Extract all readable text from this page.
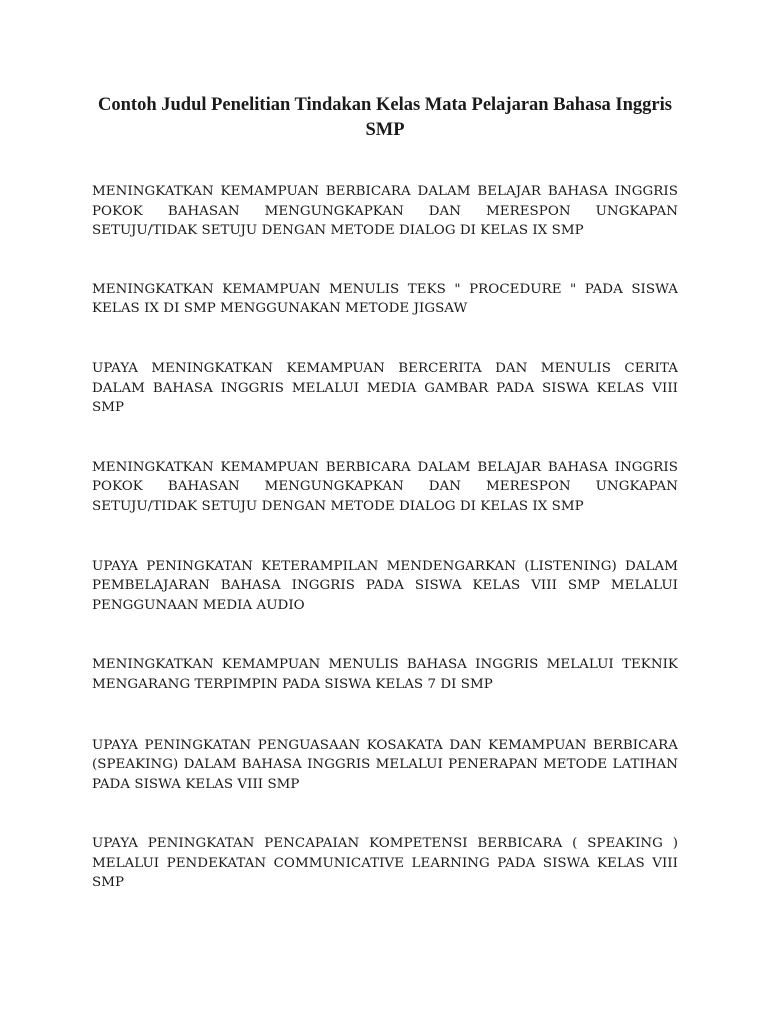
Contoh Judul Penelitian Tindakan Kelas Mata Pelajaran Bahasa Inggris SMP
MENINGKATKAN KEMAMPUAN BERBICARA DALAM BELAJAR BAHASA INGGRIS POKOK BAHASAN MENGUNGKAPKAN DAN MERESPON UNGKAPAN SETUJU/TIDAK SETUJU DENGAN METODE DIALOG DI KELAS IX SMP
MENINGKATKAN KEMAMPUAN MENULIS TEKS " PROCEDURE " PADA SISWA KELAS IX DI SMP MENGGUNAKAN METODE JIGSAW
UPAYA MENINGKATKAN KEMAMPUAN BERCERITA DAN MENULIS CERITA DALAM BAHASA INGGRIS MELALUI MEDIA GAMBAR PADA SISWA KELAS VIII SMP
MENINGKATKAN KEMAMPUAN BERBICARA DALAM BELAJAR BAHASA INGGRIS POKOK BAHASAN MENGUNGKAPKAN DAN MERESPON UNGKAPAN SETUJU/TIDAK SETUJU DENGAN METODE DIALOG DI KELAS IX SMP
UPAYA PENINGKATAN KETERAMPILAN MENDENGARKAN (LISTENING) DALAM PEMBELAJARAN BAHASA INGGRIS PADA SISWA KELAS VIII SMP MELALUI PENGGUNAAN MEDIA AUDIO
MENINGKATKAN KEMAMPUAN MENULIS BAHASA INGGRIS MELALUI TEKNIK MENGARANG TERPIMPIN PADA SISWA KELAS 7 DI SMP
UPAYA PENINGKATAN PENGUASAAN KOSAKATA DAN KEMAMPUAN BERBICARA (SPEAKING) DALAM BAHASA INGGRIS MELALUI PENERAPAN METODE LATIHAN PADA SISWA KELAS VIII SMP
UPAYA PENINGKATAN PENCAPAIAN KOMPETENSI BERBICARA ( SPEAKING ) MELALUI PENDEKATAN COMMUNICATIVE LEARNING PADA SISWA KELAS VIII SMP
